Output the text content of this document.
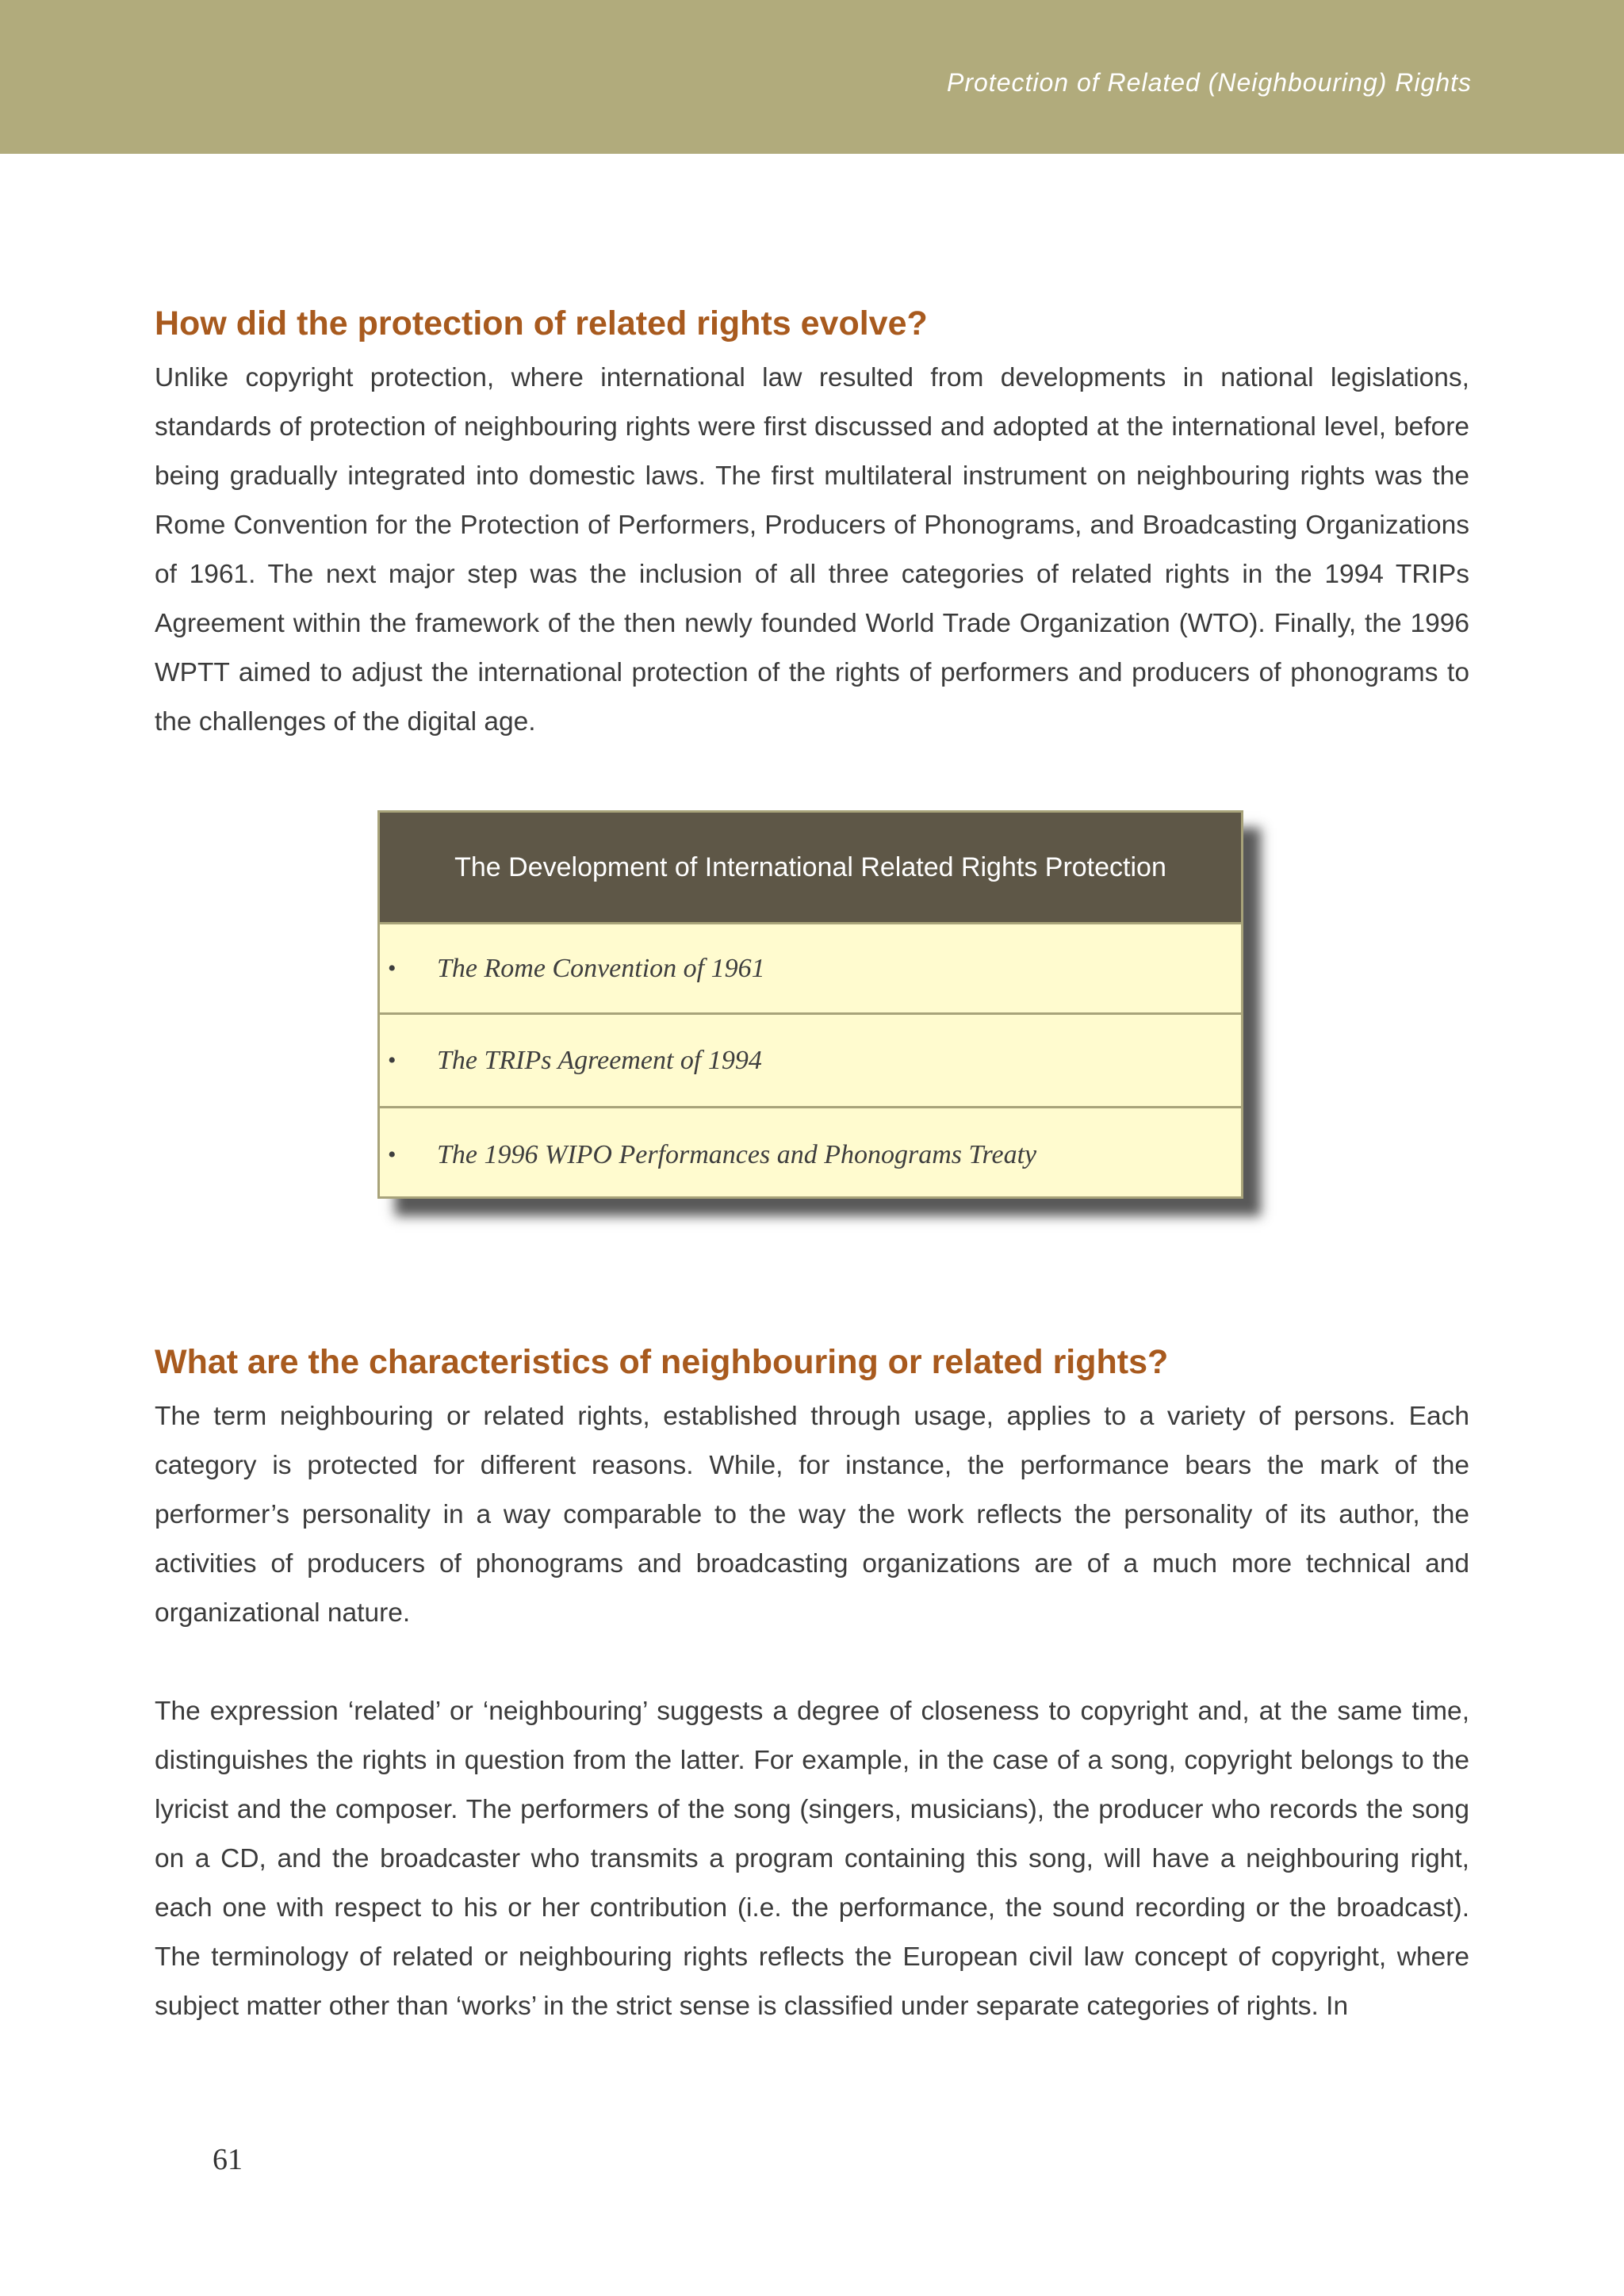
Protection of Related (Neighbouring) Rights
How did the protection of related rights evolve?

Unlike copyright protection, where international law resulted from developments in national legislations, standards of protection of neighbouring rights were first discussed and adopted at the international level, before being gradually integrated into domestic laws. The first multilateral instrument on neighbouring rights was the Rome Convention for the Protection of Performers, Producers of Phonograms, and Broadcasting Organizations of 1961. The next major step was the inclusion of all three categories of related rights in the 1994 TRIPs Agreement within the framework of the then newly founded World Trade Organization (WTO). Finally, the 1996 WPTT aimed to adjust the international protection of the rights of performers and producers of phonograms to the challenges of the digital age.

The Development of International Related Rights Protection
• The Rome Convention of 1961
• The TRIPs Agreement of 1994
• The 1996 WIPO Performances and Phonograms Treaty
What are the characteristics of neighbouring or related rights?

The term neighbouring or related rights, established through usage, applies to a variety of persons. Each category is protected for different reasons. While, for instance, the performance bears the mark of the performer’s personality in a way comparable to the way the work reflects the personality of its author, the activities of producers of phonograms and broadcasting organizations are of a much more technical and organizational nature.

The expression ‘related’ or ‘neighbouring’ suggests a degree of closeness to copyright and, at the same time, distinguishes the rights in question from the latter. For example, in the case of a song, copyright belongs to the lyricist and the composer. The performers of the song (singers, musicians), the producer who records the song on a CD, and the broadcaster who transmits a program containing this song, will have a neighbouring right, each one with respect to his or her contribution (i.e. the performance, the sound recording or the broadcast). The terminology of related or neighbouring rights reflects the European civil law concept of copyright, where subject matter other than ‘works’ in the strict sense is classified under separate categories of rights. In

61
